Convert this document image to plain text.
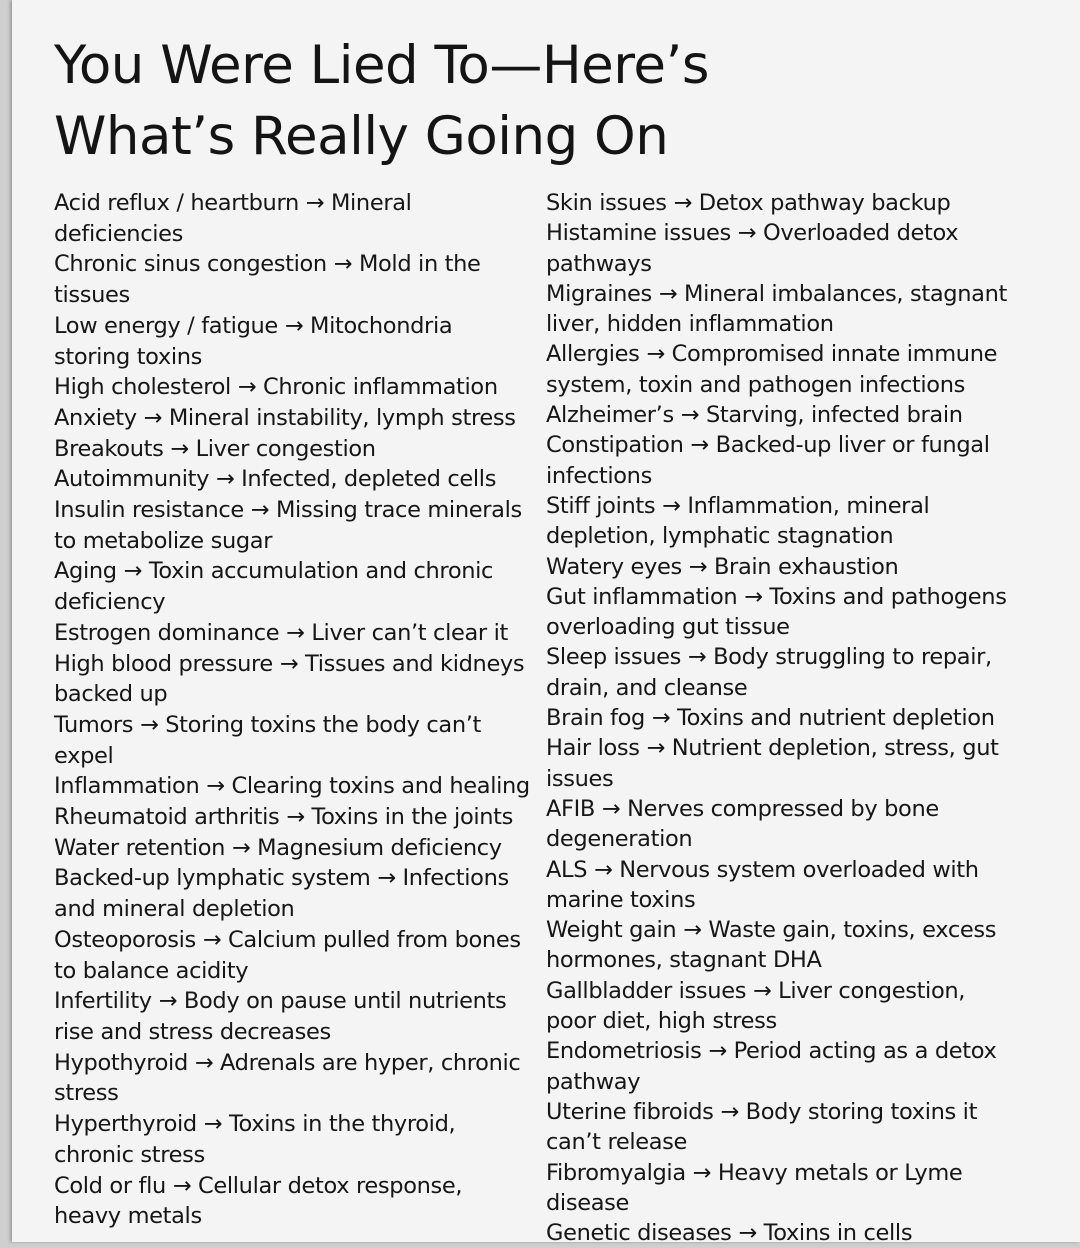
You Were Lied To—Here’s
What’s Really Going On

Acid reflux / heartburn → Mineral deficiencies

Chronic sinus congestion → Mold in the tissues

Low energy / fatigue → Mitochondria storing toxins

High cholesterol → Chronic inflammation

Anxiety → Mineral instability, lymph stress

Breakouts → Liver congestion

Autoimmunity → Infected, depleted cells

Insulin resistance → Missing trace minerals to metabolize sugar

Aging → Toxin accumulation and chronic deficiency

Estrogen dominance → Liver can’t clear it

High blood pressure → Tissues and kidneys backed up

Tumors → Storing toxins the body can’t expel

Inflammation → Clearing toxins and healing

Rheumatoid arthritis → Toxins in the joints

Water retention → Magnesium deficiency

Backed-up lymphatic system → Infections and mineral depletion

Osteoporosis → Calcium pulled from bones to balance acidity

Infertility → Body on pause until nutrients rise and stress decreases

Hypothyroid → Adrenals are hyper, chronic stress

Hyperthyroid → Toxins in the thyroid, chronic stress

Cold or flu → Cellular detox response, heavy metals

Skin issues → Detox pathway backup

Histamine issues → Overloaded detox pathways

Migraines → Mineral imbalances, stagnant liver, hidden inflammation

Allergies → Compromised innate immune system, toxin and pathogen infections

Alzheimer’s → Starving, infected brain

Constipation → Backed-up liver or fungal infections

Stiff joints → Inflammation, mineral depletion, lymphatic stagnation

Watery eyes → Brain exhaustion

Gut inflammation → Toxins and pathogens overloading gut tissue

Sleep issues → Body struggling to repair, drain, and cleanse

Brain fog → Toxins and nutrient depletion

Hair loss → Nutrient depletion, stress, gut issues

AFIB → Nerves compressed by bone degeneration

ALS → Nervous system overloaded with marine toxins

Weight gain → Waste gain, toxins, excess hormones, stagnant DHA

Gallbladder issues → Liver congestion, poor diet, high stress

Endometriosis → Period acting as a detox pathway

Uterine fibroids → Body storing toxins it can’t release

Fibromyalgia → Heavy metals or Lyme disease

Genetic diseases → Toxins in cells
